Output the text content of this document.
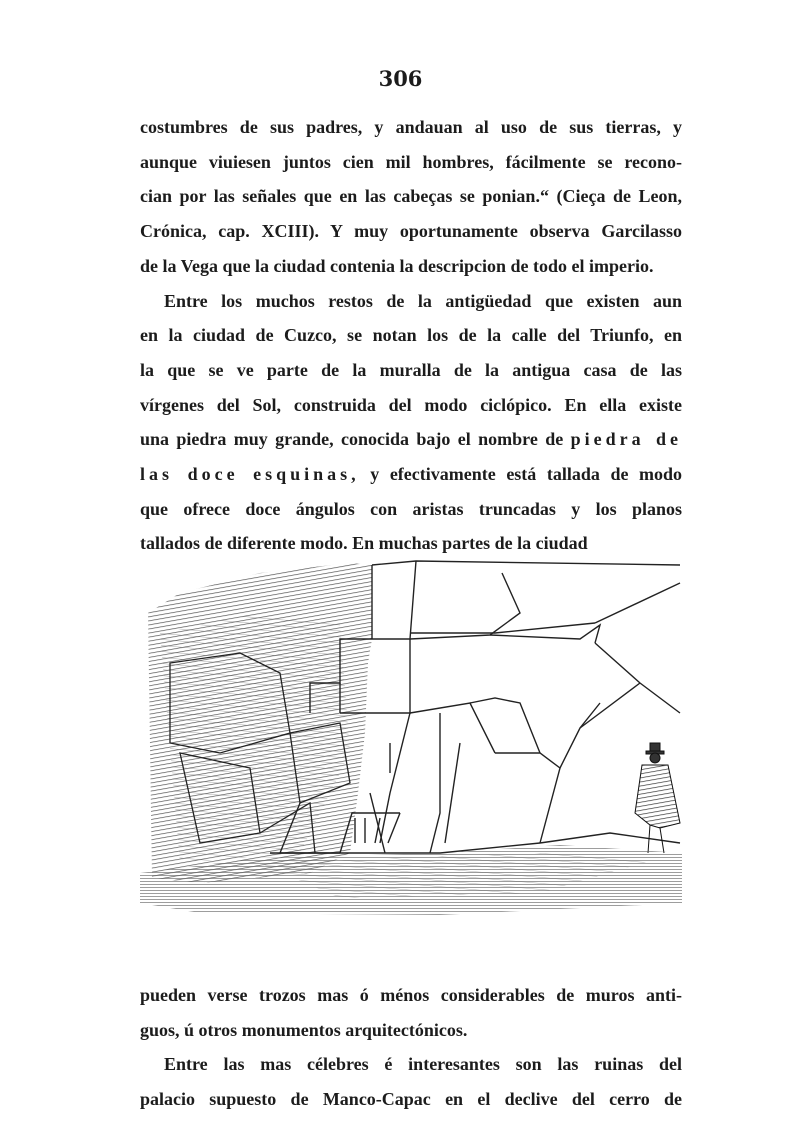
306
costumbres de sus padres, y andauan al uso de sus tierras, y
aunque viuiesen juntos cien mil hombres, fácilmente se recono-
cian por las señales que en las cabeças se ponian.“ (Cieça de Leon,
Crónica, cap. XCIII). Y muy oportunamente observa Garcilasso
de la Vega que la ciudad contenia la descripcion de todo el imperio.
Entre los muchos restos de la antigüedad que existen aun
en la ciudad de Cuzco, se notan los de la calle del Triunfo, en
la que se ve parte de la muralla de la antigua casa de las
vírgenes del Sol, construida del modo ciclópico. En ella existe
una piedra muy grande, conocida bajo el nombre de piedra de
las doce esquinas, y efectivamente está tallada de modo
que ofrece doce ángulos con aristas truncadas y los planos
tallados de diferente modo. En muchas partes de la ciudad
pueden verse trozos mas ó ménos considerables de muros anti-
guos, ú otros monumentos arquitectónicos.
Entre las mas célebres é interesantes son las ruinas del
palacio supuesto de Manco-Capac en el declive del cerro de
